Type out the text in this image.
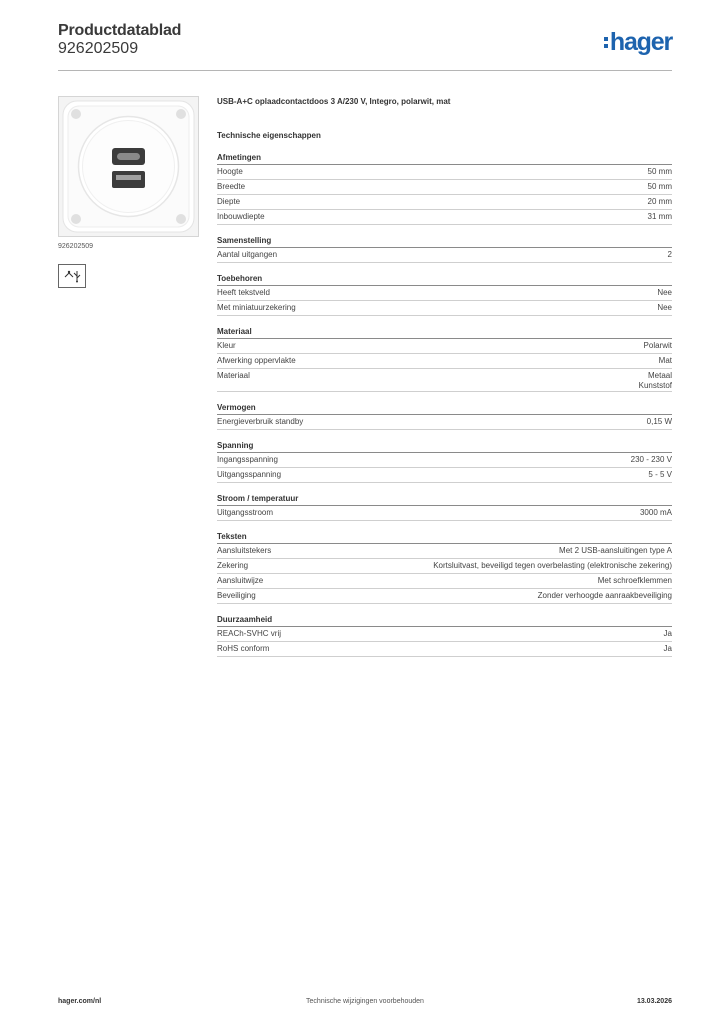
Productdatablad
926202509	hager
926202509
USB-A+C oplaadcontactdoos 3 A/230 V, Integro, polarwit, mat
Technische eigenschappen
Afmetingen
Hoogte	50 mm
Breedte	50 mm
Diepte	20 mm
Inbouwdiepte	31 mm
Samenstelling
Aantal uitgangen	2
Toebehoren
Heeft tekstveld	Nee
Met miniatuurzekering	Nee
Materiaal
Kleur	Polarwit
Afwerking oppervlakte	Mat
Materiaal	Metaal
Kunststof
Vermogen
Energieverbruik standby	0,15 W
Spanning
Ingangsspanning	230 - 230 V
Uitgangsspanning	5 - 5 V
Stroom / temperatuur
Uitgangsstroom	3000 mA
Teksten
Aansluitstekers	Met 2 USB-aansluitingen type A
Zekering	Kortsluitvast, beveiligd tegen overbelasting (elektronische zekering)
Aansluitwijze	Met schroefklemmen
Beveiliging	Zonder verhoogde aanraakbeveiliging
Duurzaamheid
REACh-SVHC vrij	Ja
RoHS conform	Ja
hager.com/nl	Technische wijzigingen voorbehouden	13.03.2026
